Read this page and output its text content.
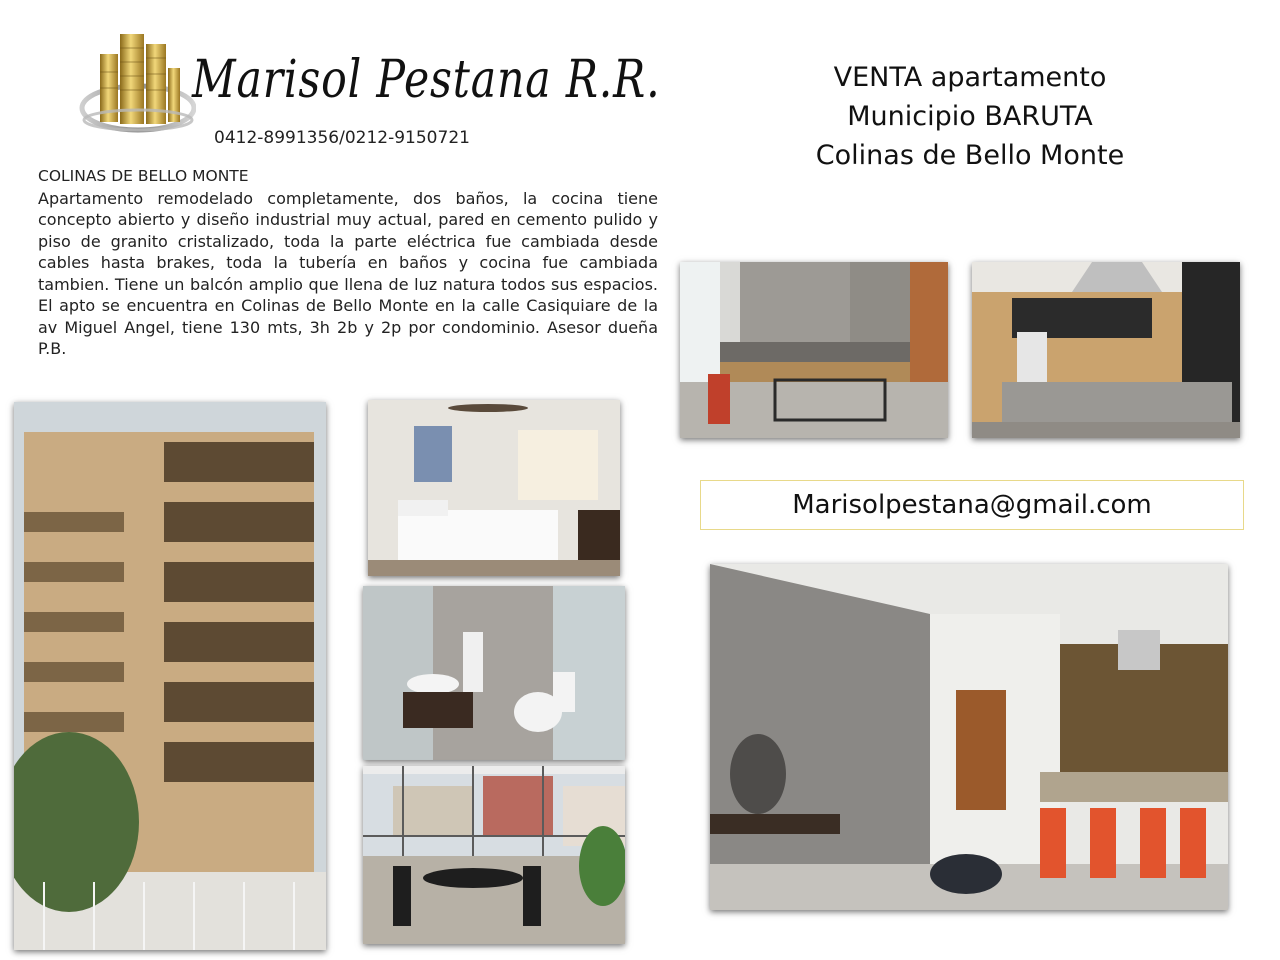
Marisol Pestana R.R.
0412-8991356/0212-9150721
VENTA apartamento
Municipio BARUTA
Colinas de Bello Monte
COLINAS DE BELLO MONTE
Apartamento remodelado completamente, dos baños, la cocina tiene concepto abierto y diseño industrial muy actual, pared en cemento pulido y piso de granito cristalizado, toda la parte eléctrica fue cambiada desde cables hasta brakes, toda la tubería en baños y cocina fue cambiada tambien. Tiene un balcón amplio que llena de luz natura todos sus espacios. El apto se encuentra en Colinas de Bello Monte en la calle Casiquiare de la av Miguel Angel, tiene 130 mts, 3h 2b y 2p por condominio. Asesor dueña P.B.
Marisolpestana@gmail.com
